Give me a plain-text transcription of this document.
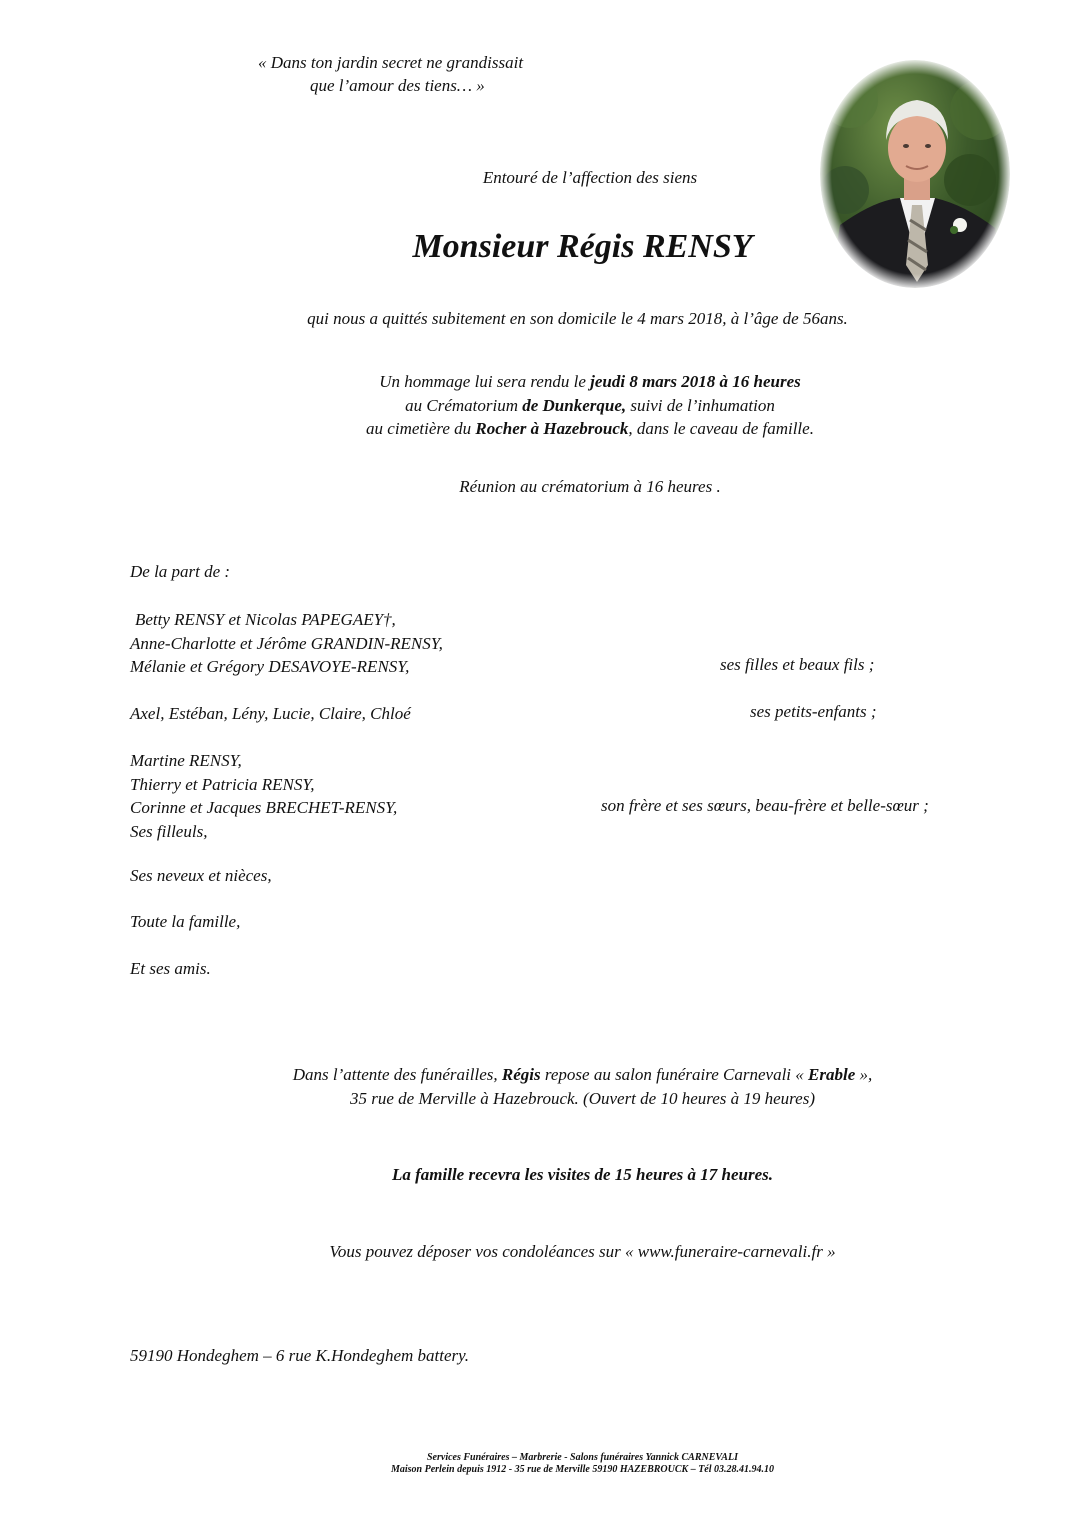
« Dans ton jardin secret ne grandissait
que l’amour des tiens… »
Entouré de l’affection des siens
Monsieur Régis RENSY
qui nous a quittés subitement en son domicile le 4 mars 2018, à l’âge de 56ans.
Un hommage lui sera rendu le jeudi 8 mars 2018 à 16 heures
au Crématorium de Dunkerque, suivi de l’inhumation
au cimetière du Rocher à Hazebrouck, dans le caveau de famille.
Réunion au crématorium à 16 heures .
De la part de :
Betty RENSY et Nicolas PAPEGAEY†,
Anne-Charlotte et Jérôme GRANDIN-RENSY,
Mélanie et Grégory DESAVOYE-RENSY,	ses filles et beaux fils ;
Axel, Estéban, Lény, Lucie, Claire, Chloé	ses petits-enfants ;
Martine RENSY,
Thierry et Patricia RENSY,
Corinne et Jacques BRECHET-RENSY,
Ses filleuls,
son frère et ses sœurs, beau-frère et belle-sœur ;
Ses neveux et nièces,
Toute la famille,
Et ses amis.
Dans l’attente des funérailles, Régis repose au salon funéraire Carnevali « Erable »,
35 rue de Merville à Hazebrouck. (Ouvert de 10 heures à 19 heures)
La famille recevra les visites de 15 heures à 17 heures.
Vous pouvez déposer vos condoléances sur « www.funeraire-carnevali.fr »
59190 Hondeghem – 6 rue K.Hondeghem battery.
Services Funéraires – Marbrerie - Salons funéraires Yannick CARNEVALI
Maison Perlein depuis 1912 - 35 rue de Merville 59190 HAZEBROUCK – Tél 03.28.41.94.10
